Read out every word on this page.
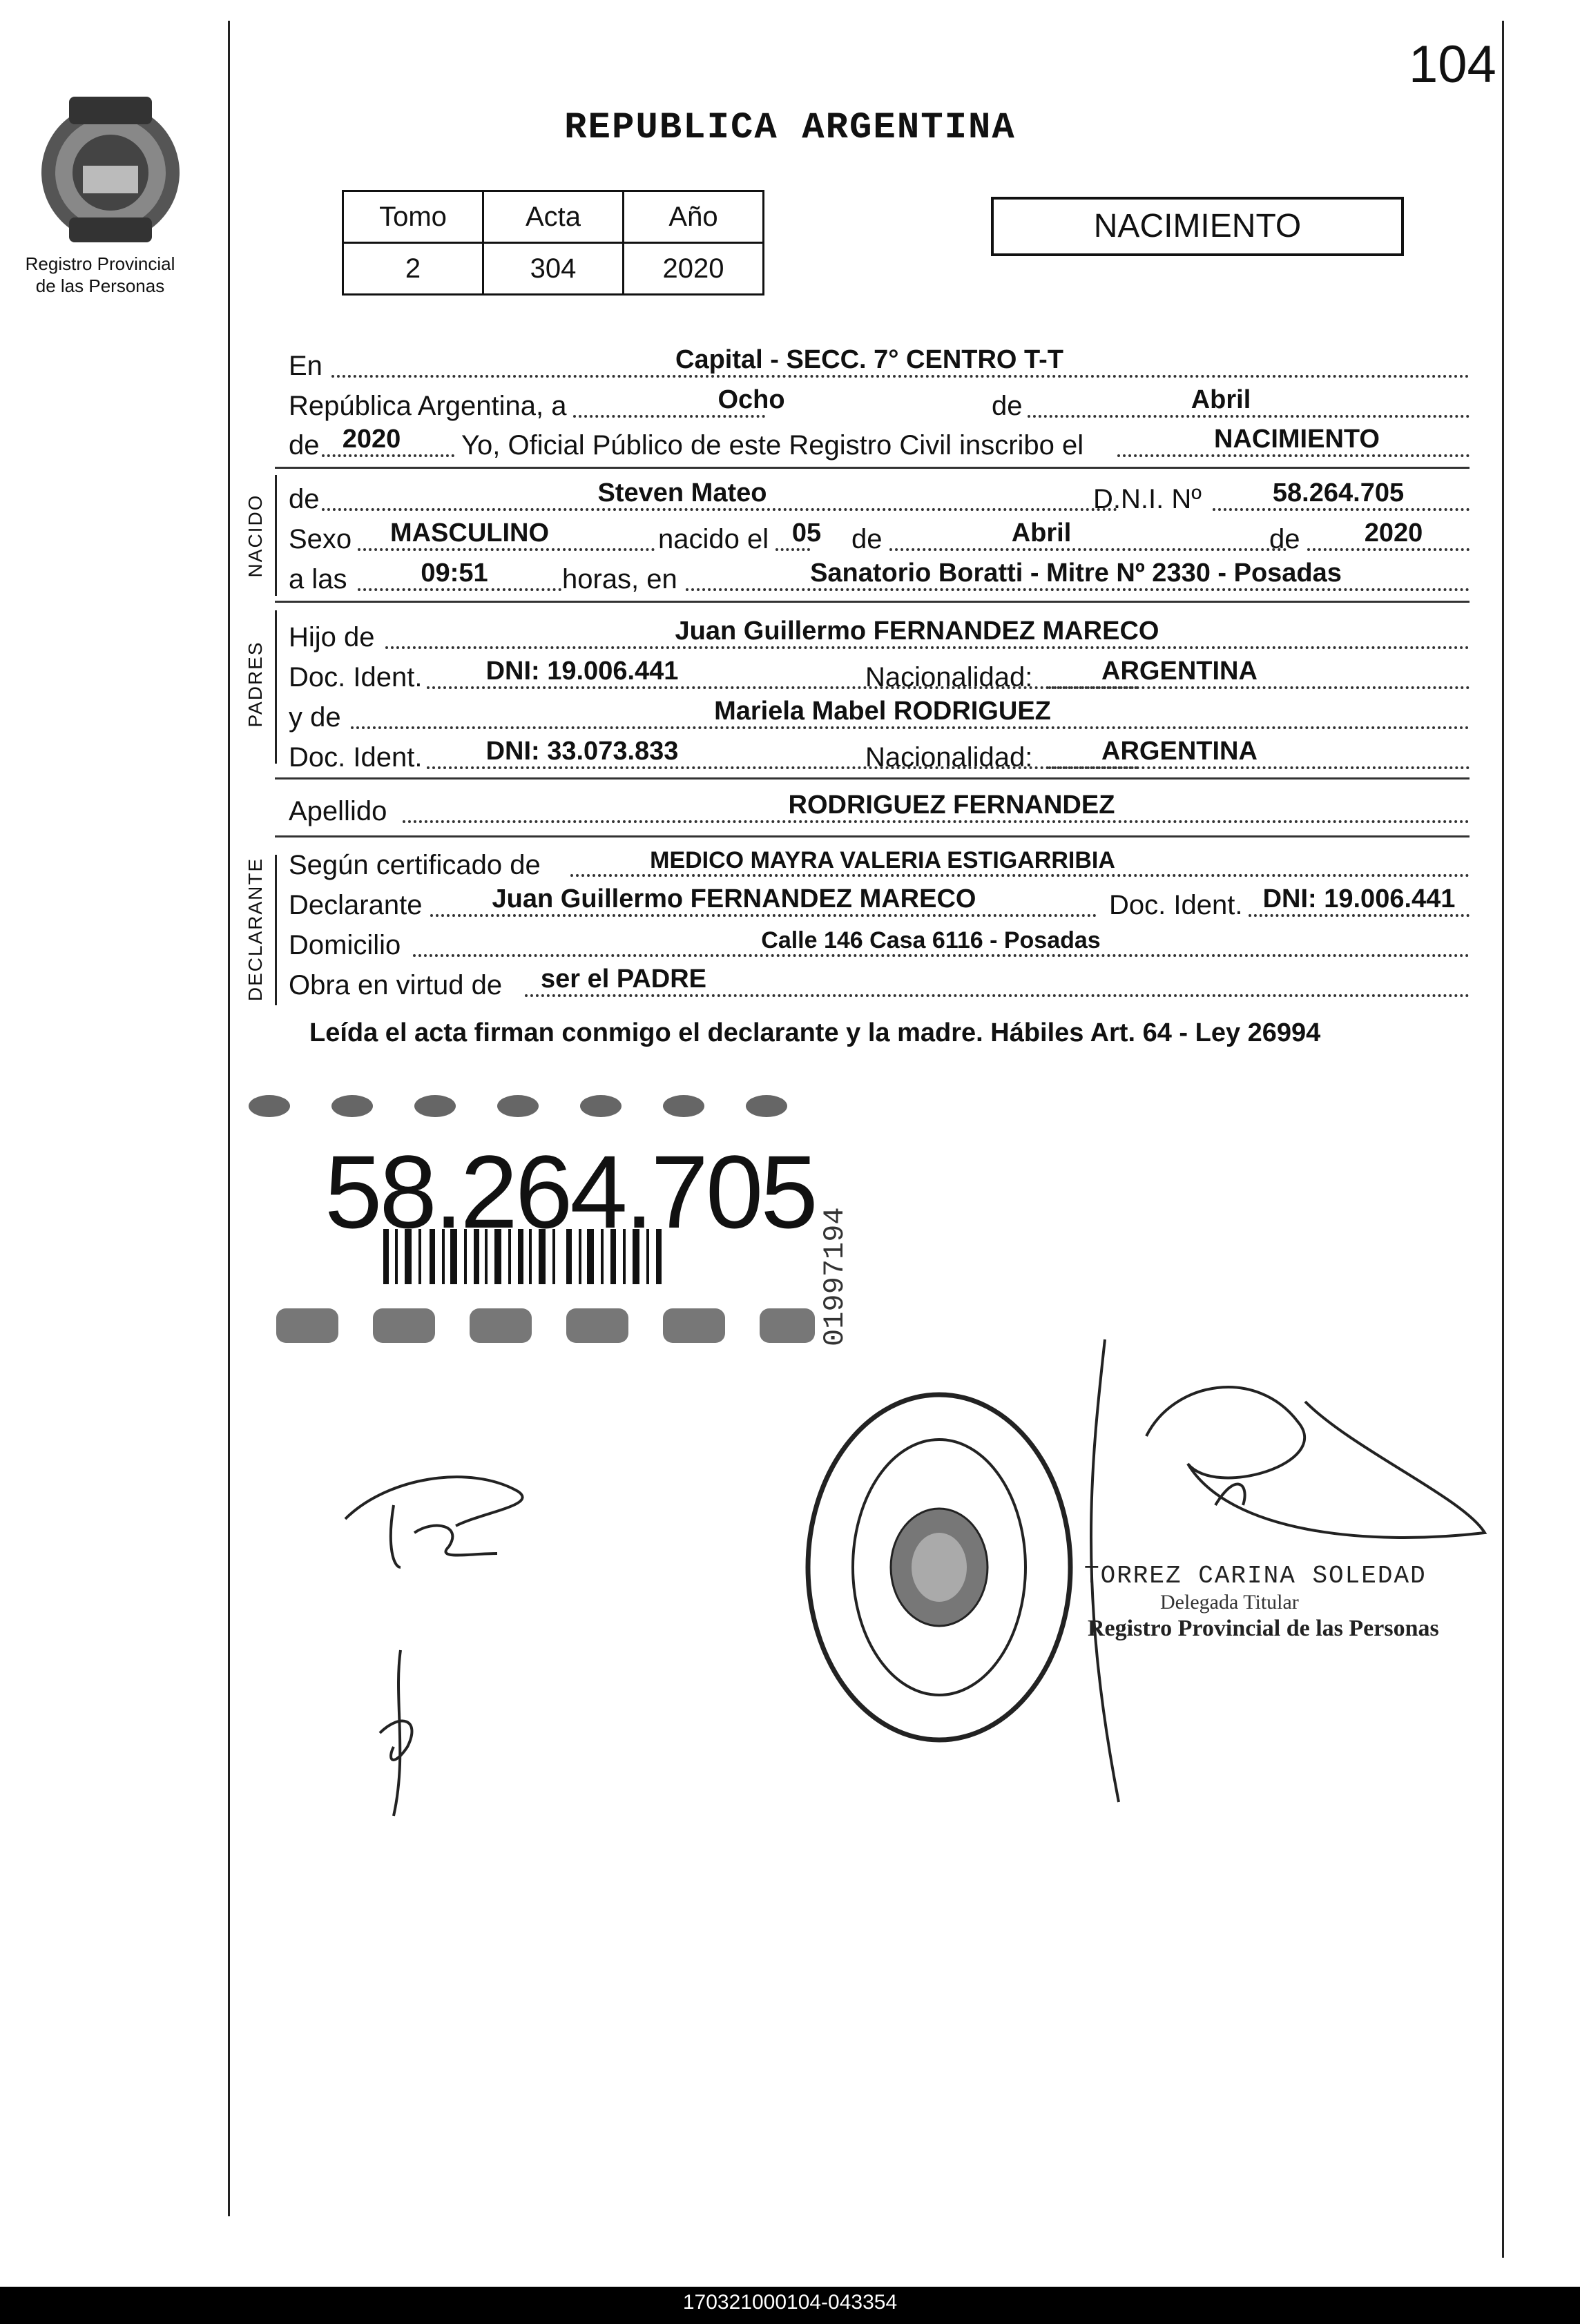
104
REPUBLICA ARGENTINA
Registro Provincial
de las Personas
Tomo	Acta	Año
2	304	2020
NACIMIENTO
En	Capital - SECC. 7° CENTRO T-T
República Argentina, a	Ocho	de	Abril
de 2020	Yo, Oficial Público de este Registro Civil inscribo el	NACIMIENTO
NACIDO de	Steven Mateo	D.N.I. Nº	58.264.705
Sexo	MASCULINO	nacido el 05	de	Abril	de	2020
a las	09:51	horas, en	Sanatorio Boratti - Mitre Nº 2330 - Posadas
PADRES
Hijo de	Juan Guillermo FERNANDEZ MARECO
Doc. Ident.	DNI: 19.006.441	Nacionalidad:	ARGENTINA
y de	Mariela Mabel RODRIGUEZ
Doc. Ident.	DNI: 33.073.833	Nacionalidad:	ARGENTINA
Apellido	RODRIGUEZ FERNANDEZ
DECLARANTE Según certificado de	MEDICO MAYRA VALERIA ESTIGARRIBIA
Declarante	Juan Guillermo FERNANDEZ MARECO	Doc. Ident. DNI: 19.006.441
Domicilio	Calle 146 Casa 6116 - Posadas
Obra en virtud de	ser el PADRE
Leída el acta firman conmigo el declarante y la madre. Hábiles Art. 64 - Ley 26994
58.264.705
01997194
TORREZ CARINA SOLEDAD
Delegada Titular
Registro Provincial de las Personas
170321000104-043354
